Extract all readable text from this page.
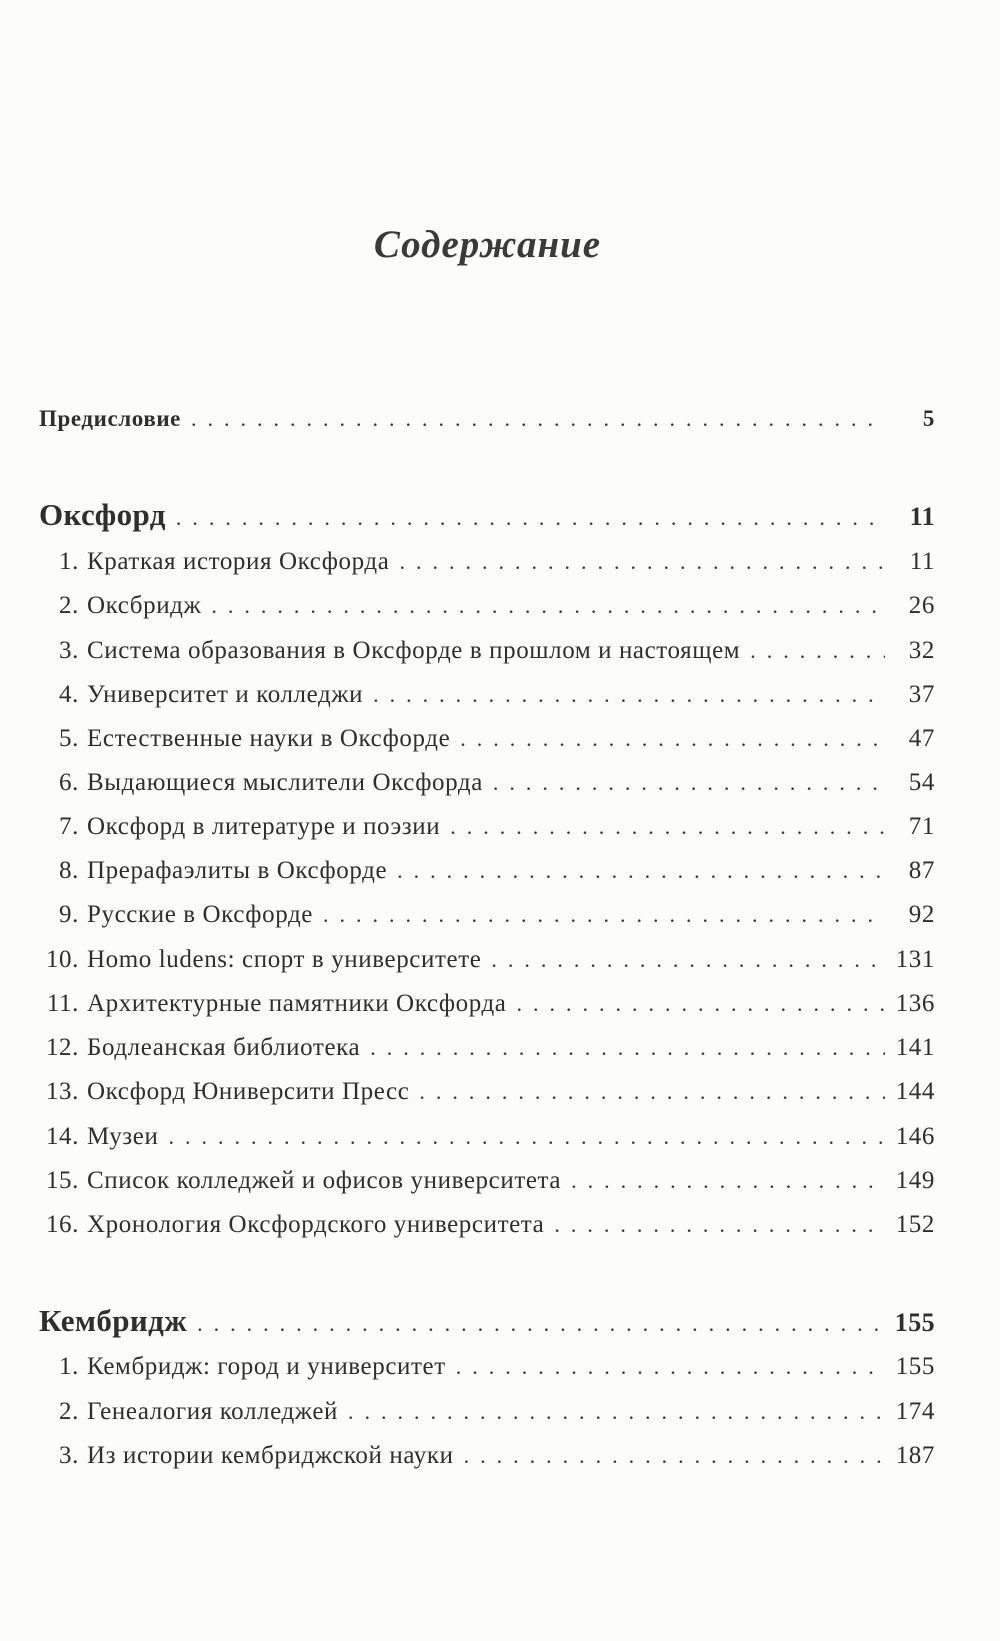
Содержание
Предисловие .....	5
Оксфорд .....	11
1. Краткая история Оксфорда .....	11
2. Оксбридж .....	26
3. Система образования в Оксфорде в прошлом и настоящем .....	32
4. Университет и колледжи .....	37
5. Естественные науки в Оксфорде .....	47
6. Выдающиеся мыслители Оксфорда .....	54
7. Оксфорд в литературе и поэзии .....	71
8. Прерафаэлиты в Оксфорде .....	87
9. Русские в Оксфорде .....	92
10. Homo ludens: спорт в университете .....	131
11. Архитектурные памятники Оксфорда .....	136
12. Бодлеанская библиотека .....	141
13. Оксфорд Юниверсити Пресс .....	144
14. Музеи .....	146
15. Список колледжей и офисов университета .....	149
16. Хронология Оксфордского университета .....	152
Кембридж .....	155
1. Кембридж: город и университет .....	155
2. Генеалогия колледжей .....	174
3. Из истории кембриджской науки .....	187
